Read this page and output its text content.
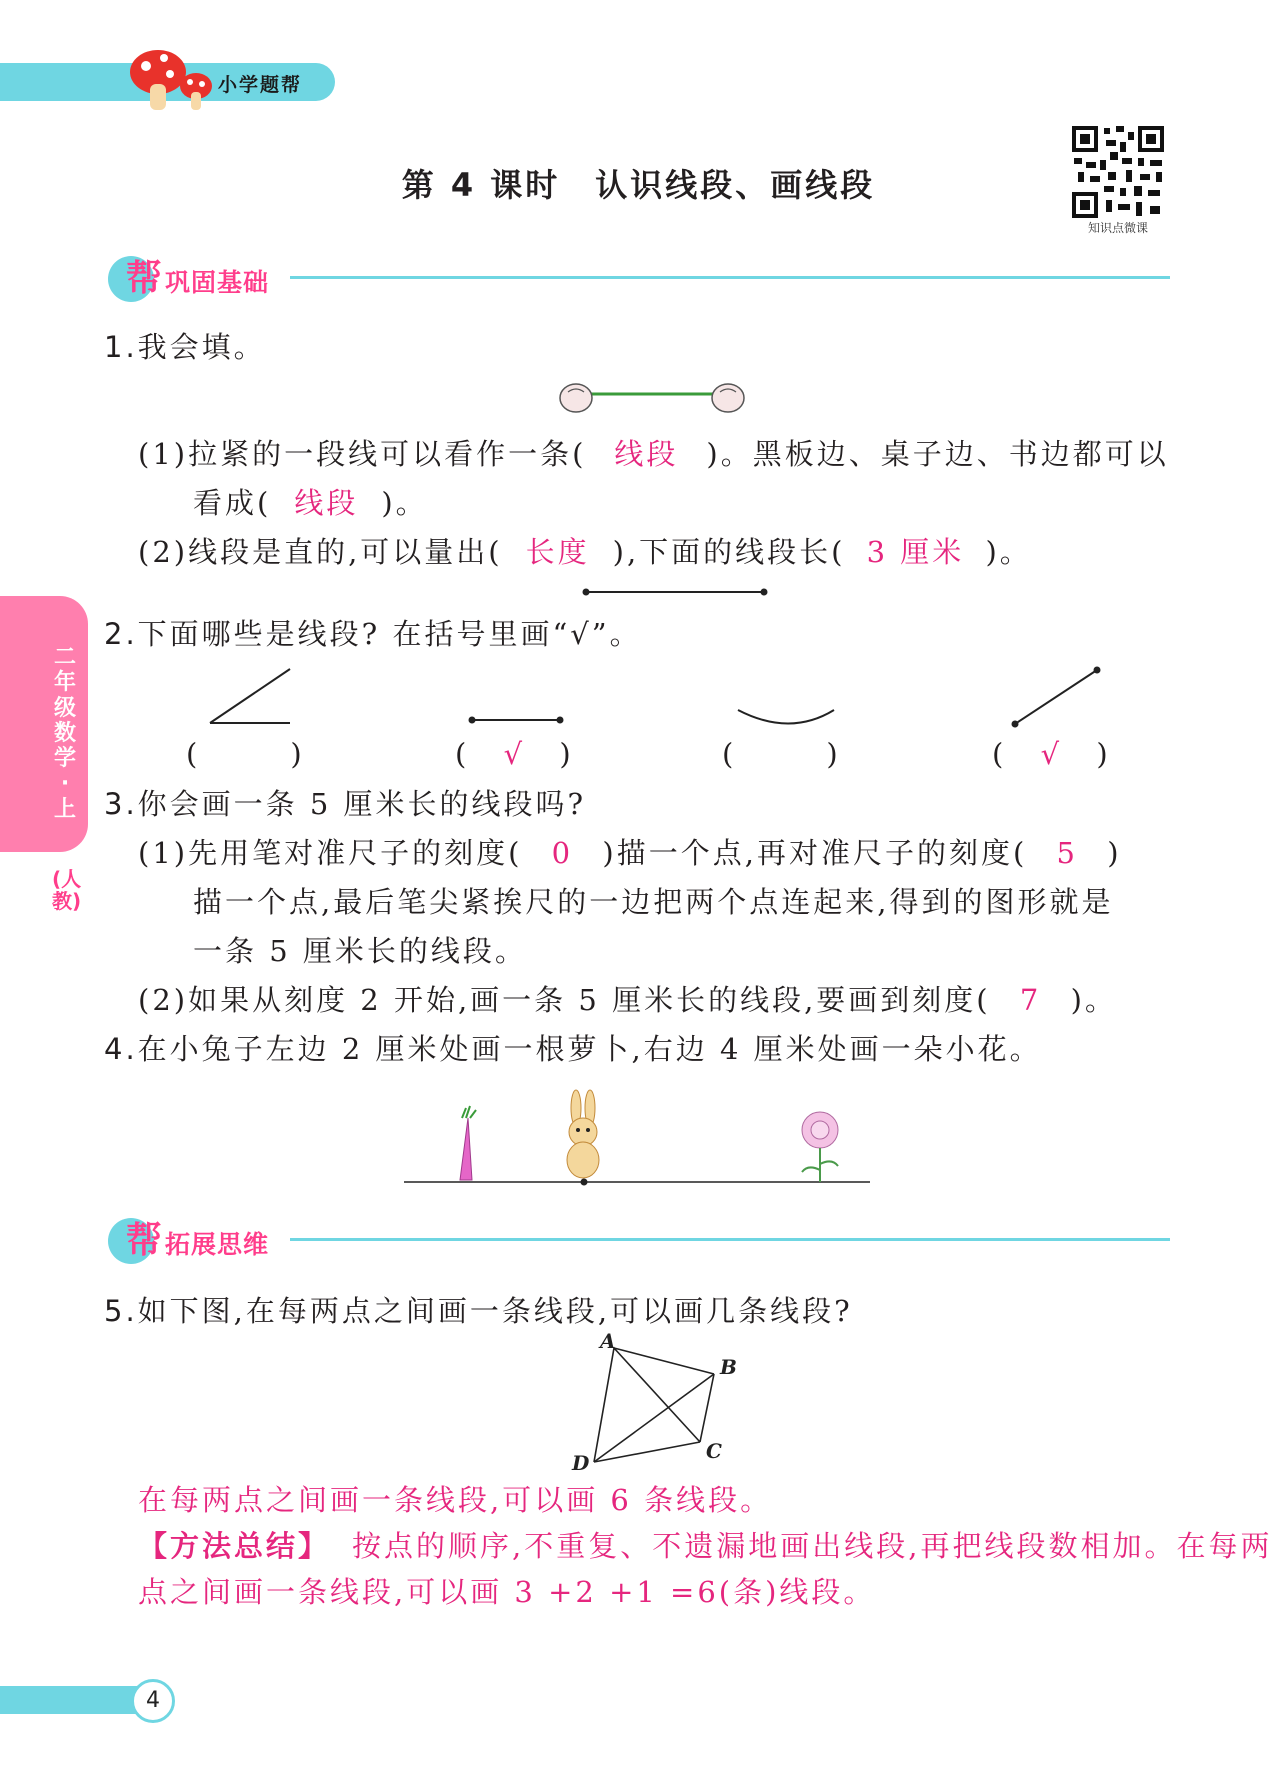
小学题帮
第 4 课时　认识线段、画线段
知识点微课
帮 巩固基础
二年级数学·上
(人教)
1.我会填。
(1)拉紧的一段线可以看作一条( 线段 )。黑板边、桌子边、书边都可以
看成( 线段 )。
(2)线段是直的,可以量出( 长度 ),下面的线段长( 3 厘米 )。
2.下面哪些是线段? 在括号里画“√”。
(	)	( √ )	(	)	( √ )
3.你会画一条 5 厘米长的线段吗?
(1)先用笔对准尺子的刻度( 0 )描一个点,再对准尺子的刻度( 5 )
描一个点,最后笔尖紧挨尺的一边把两个点连起来,得到的图形就是
一条 5 厘米长的线段。
(2)如果从刻度 2 开始,画一条 5 厘米长的线段,要画到刻度( 7 )。
4.在小兔子左边 2 厘米处画一根萝卜,右边 4 厘米处画一朵小花。
帮 拓展思维
5.如下图,在每两点之间画一条线段,可以画几条线段?
A
B
C
D
在每两点之间画一条线段,可以画 6 条线段。
【方法总结】 按点的顺序,不重复、不遗漏地画出线段,再把线段数相加。在每两
点之间画一条线段,可以画 3 +2 +1 =6(条)线段。
4
